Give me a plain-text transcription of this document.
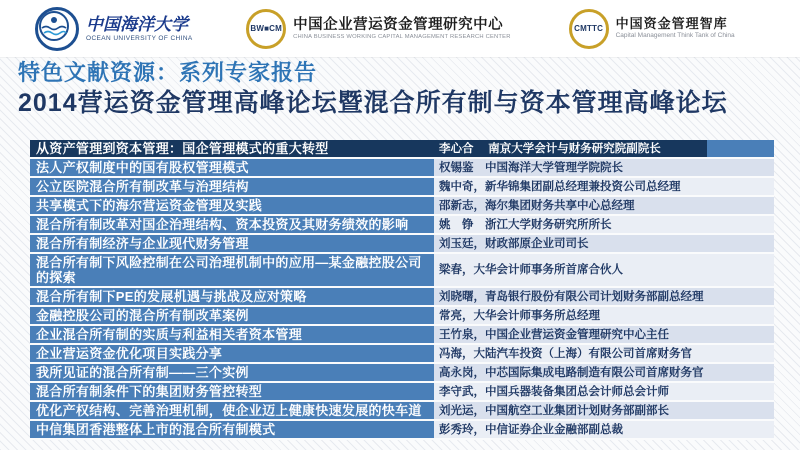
中国海洋大学
OCEAN UNIVERSITY OF CHINA
BW■CM 中国企业营运资金管理研究中心
CHINA BUSINESS WORKING CAPITAL MANAGEMENT RESEARCH CENTER
CMTTC 中国资金管理智库
Capital Management Think Tank of China
特色文献资源：系列专家报告
2014营运资金管理高峰论坛暨混合所有制与资本管理高峰论坛
从资产管理到资本管理：国企管理模式的重大转型	李心合　 南京大学会计与财务研究院副院长
法人产权制度中的国有股权管理模式	权锡鉴　中国海洋大学管理学院院长
公立医院混合所有制改革与治理结构	魏中奇，新华锦集团副总经理兼投资公司总经理
共享模式下的海尔营运资金管理及实践	邵新志，海尔集团财务共享中心总经理
混合所有制改革对国企治理结构、资本投资及其财务绩效的影响	姚　铮　浙江大学财务研究所所长
混合所有制经济与企业现代财务管理	刘玉廷，财政部原企业司司长
混合所有制下风险控制在公司治理机制中的应用—某金融控股公司的探索	梁春，大华会计师事务所首席合伙人
混合所有制下PE的发展机遇与挑战及应对策略	刘晓曙，青岛银行股份有限公司计划财务部副总经理
金融控股公司的混合所有制改革案例	常亮，大华会计师事务所总经理
企业混合所有制的实质与利益相关者资本管理	王竹泉，中国企业营运资金管理研究中心主任
企业营运资金优化项目实践分享	冯海，大陆汽车投资（上海）有限公司首席财务官
我所见证的混合所有制——三个实例	高永岗，中芯国际集成电路制造有限公司首席财务官
混合所有制条件下的集团财务管控转型	李守武，中国兵器装备集团总会计师总会计师
优化产权结构、完善治理机制，使企业迈上健康快速发展的快车道	刘光运，中国航空工业集团计划财务部副部长
中信集团香港整体上市的混合所有制模式	彭秀玲，中信证券企业金融部副总裁
